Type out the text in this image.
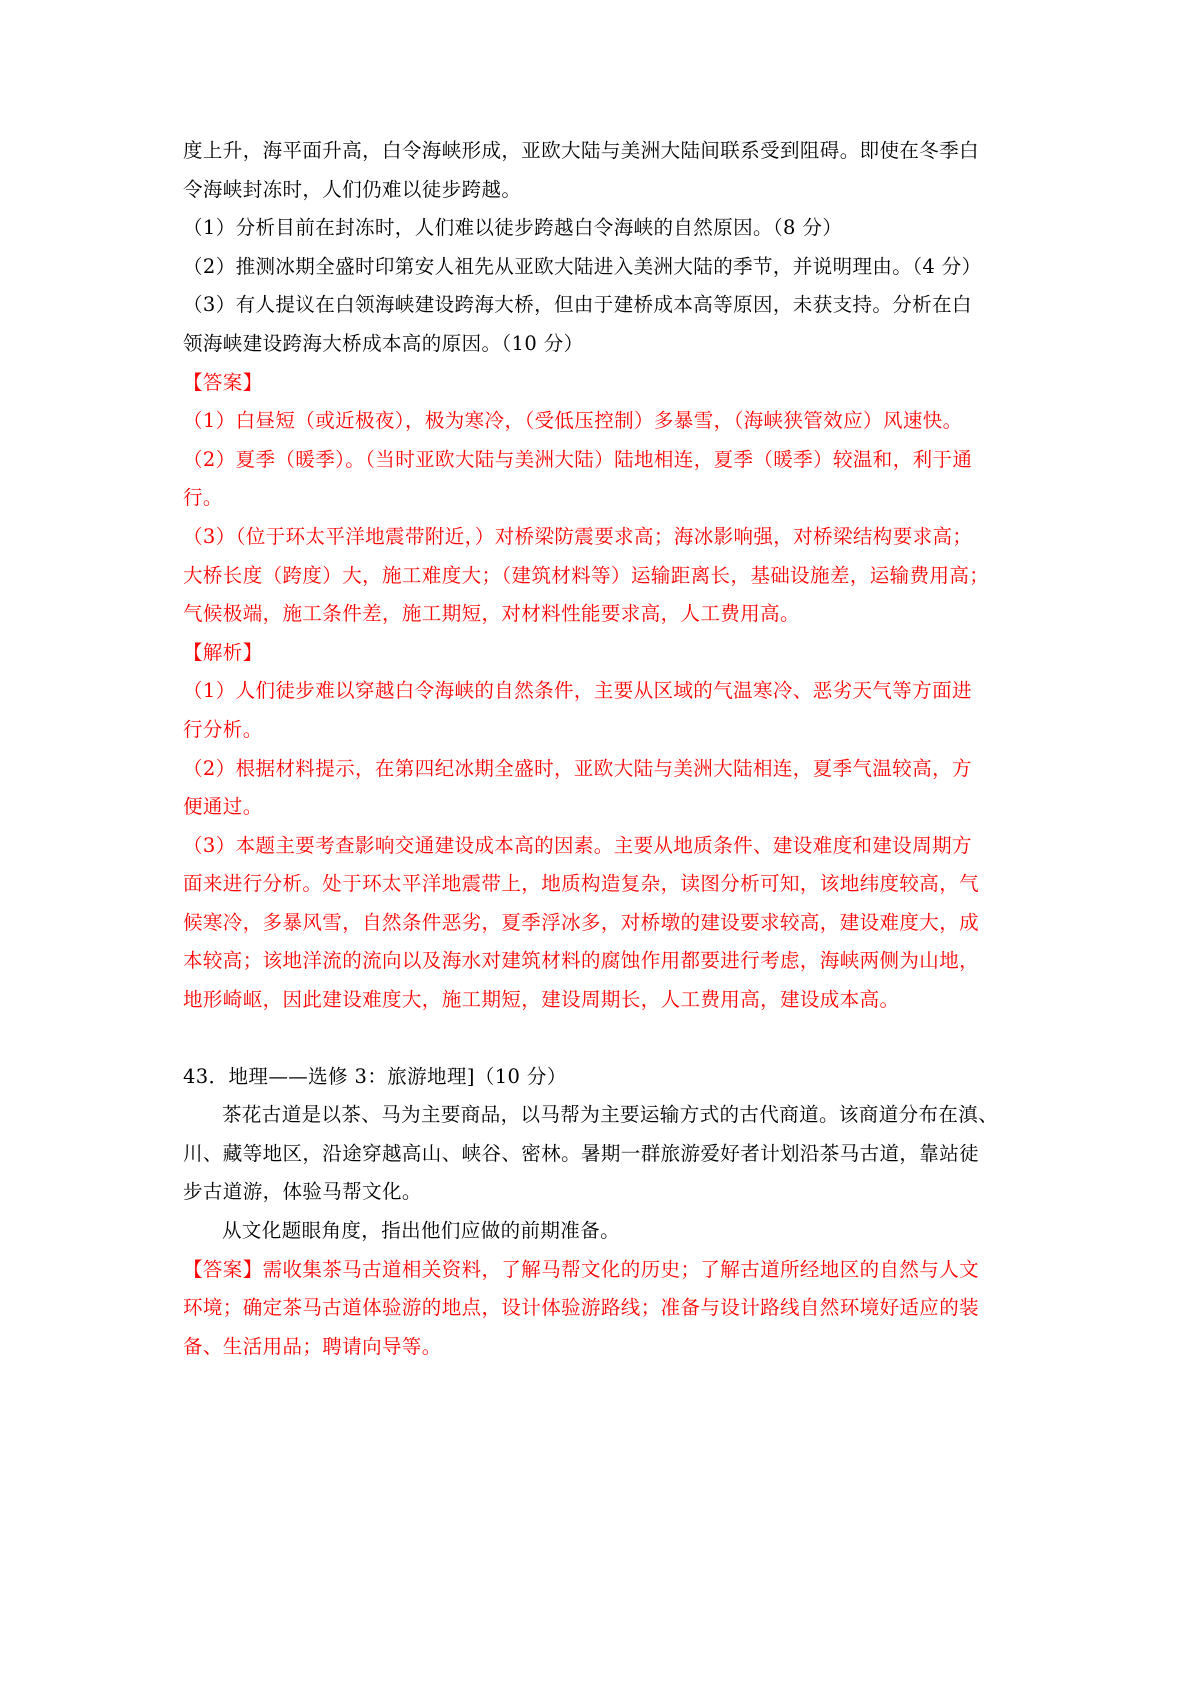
度上升，海平面升高，白令海峡形成，亚欧大陆与美洲大陆间联系受到阻碍。即使在冬季白
令海峡封冻时，人们仍难以徒步跨越。
（1）分析目前在封冻时，人们难以徒步跨越白令海峡的自然原因。（8 分）
（2）推测冰期全盛时印第安人祖先从亚欧大陆进入美洲大陆的季节，并说明理由。（4 分）
（3）有人提议在白领海峡建设跨海大桥，但由于建桥成本高等原因，未获支持。分析在白
领海峡建设跨海大桥成本高的原因。（10 分）
【答案】
（1）白昼短（或近极夜），极为寒冷，（受低压控制）多暴雪，（海峡狭管效应）风速快。
（2）夏季（暖季）。（当时亚欧大陆与美洲大陆）陆地相连，夏季（暖季）较温和，利于通
行。
（3）（位于环太平洋地震带附近，）对桥梁防震要求高；海冰影响强，对桥梁结构要求高；
大桥长度（跨度）大，施工难度大；（建筑材料等）运输距离长，基础设施差，运输费用高；
气候极端，施工条件差，施工期短，对材料性能要求高，人工费用高。
【解析】
（1）人们徒步难以穿越白令海峡的自然条件，主要从区域的气温寒冷、恶劣天气等方面进
行分析。
（2）根据材料提示，在第四纪冰期全盛时，亚欧大陆与美洲大陆相连，夏季气温较高，方
便通过。
（3）本题主要考查影响交通建设成本高的因素。主要从地质条件、建设难度和建设周期方
面来进行分析。处于环太平洋地震带上，地质构造复杂，读图分析可知，该地纬度较高，气
候寒冷，多暴风雪，自然条件恶劣，夏季浮冰多，对桥墩的建设要求较高，建设难度大，成
本较高；该地洋流的流向以及海水对建筑材料的腐蚀作用都要进行考虑，海峡两侧为山地，
地形崎岖，因此建设难度大，施工期短，建设周期长，人工费用高，建设成本高。
43．地理——选修 3：旅游地理]（10 分）
茶花古道是以茶、马为主要商品，以马帮为主要运输方式的古代商道。该商道分布在滇、
川、藏等地区，沿途穿越高山、峡谷、密林。暑期一群旅游爱好者计划沿茶马古道，靠站徒
步古道游，体验马帮文化。
从文化题眼角度，指出他们应做的前期准备。
【答案】需收集茶马古道相关资料，了解马帮文化的历史；了解古道所经地区的自然与人文
环境；确定茶马古道体验游的地点，设计体验游路线；准备与设计路线自然环境好适应的装
备、生活用品；聘请向导等。
